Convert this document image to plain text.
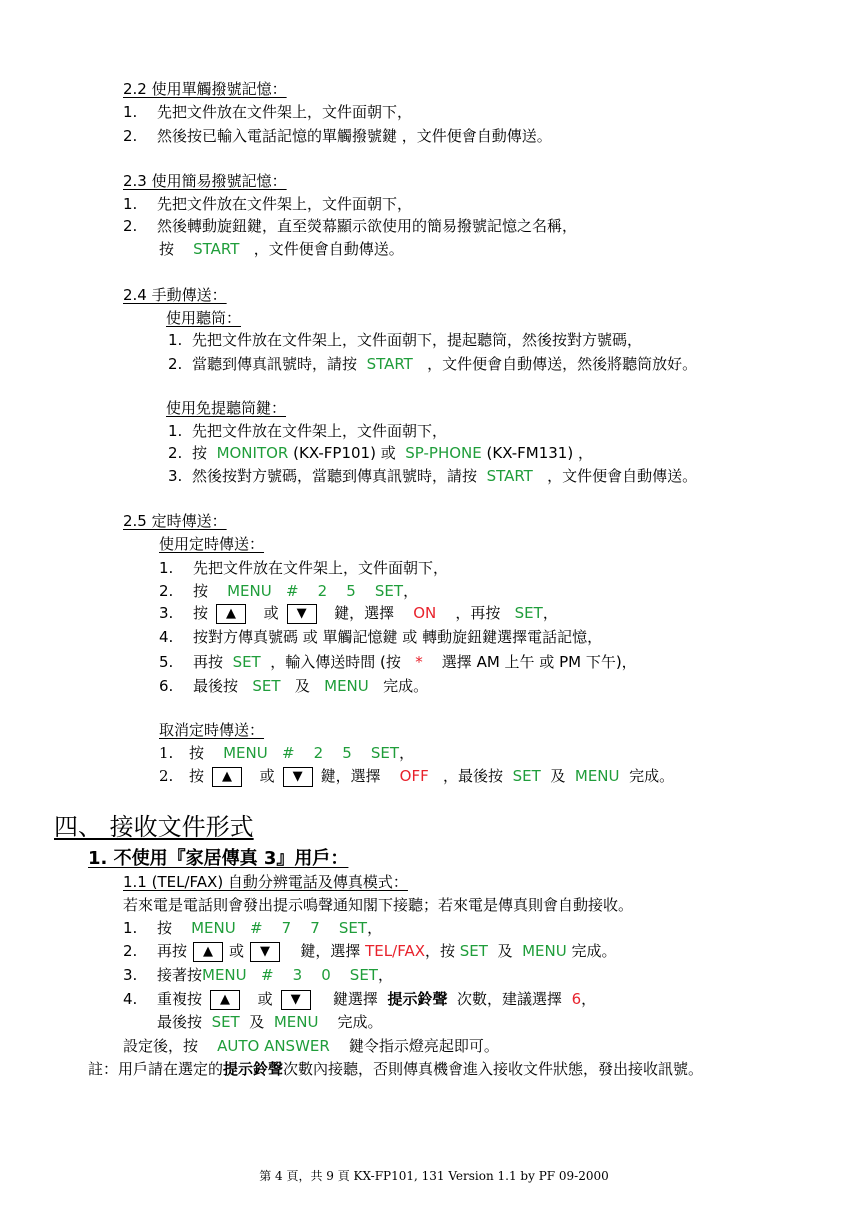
2.2 使用單觸撥號記憶：
1. 先把文件放在文件架上，文件面朝下，
2. 然後按已輸入電話記憶的單觸撥號鍵 ，文件便會自動傳送。
2.3 使用簡易撥號記憶：
1. 先把文件放在文件架上，文件面朝下，
2. 然後轉動旋鈕鍵，直至熒幕顯示欲使用的簡易撥號記憶之名稱，
按 START ，文件便會自動傳送。
2.4 手動傳送：
使用聽筒：
1. 先把文件放在文件架上，文件面朝下，提起聽筒，然後按對方號碼，
2. 當聽到傳真訊號時，請按 START ，文件便會自動傳送，然後將聽筒放好。
使用免提聽筒鍵：
1. 先把文件放在文件架上，文件面朝下，
2. 按 MONITOR (KX-FP101) 或 SP-PHONE (KX-FM131) ，
3. 然後按對方號碼，當聽到傳真訊號時，請按 START ，文件便會自動傳送。
2.5 定時傳送：
使用定時傳送：
1. 先把文件放在文件架上，文件面朝下，
2. 按 MENU   #    2    5    SET，
3. 按 ▲ 或 ▼ 鍵，選擇 ON ，再按 SET，
4. 按對方傳真號碼 或 單觸記憶鍵 或 轉動旋鈕鍵選擇電話記憶，
5. 再按 SET ，輸入傳送時間 (按 * 選擇 AM 上午 或 PM 下午)，
6. 最後按 SET 及 MENU 完成。
取消定時傳送：
1. 按 MENU   #    2    5    SET，
2. 按 ▲ 或 ▼ 鍵，選擇 OFF ，最後按 SET 及 MENU 完成。
四、 接收文件形式
1. 不使用『家居傳真 3』用戶：
1.1 (TEL/FAX) 自動分辨電話及傳真模式：
若來電是電話則會發出提示鳴聲通知閣下接聽；若來電是傳真則會自動接收。
1. 按 MENU   #    7    7    SET，
2. 再按 ▲ 或 ▼ 鍵，選擇 TEL/FAX，按 SET 及 MENU 完成。
3. 接著按MENU   #    3    0    SET，
4. 重複按 ▲ 或 ▼ 鍵選擇 提示鈴聲 次數，建議選擇 6，
最後按 SET 及 MENU 完成。
設定後，按 AUTO ANSWER 鍵令指示燈亮起即可。
註：用戶請在選定的提示鈴聲次數內接聽，否則傳真機會進入接收文件狀態，發出接收訊號。
第 4 頁，共 9 頁 KX-FP101, 131 Version 1.1 by PF 09-2000
